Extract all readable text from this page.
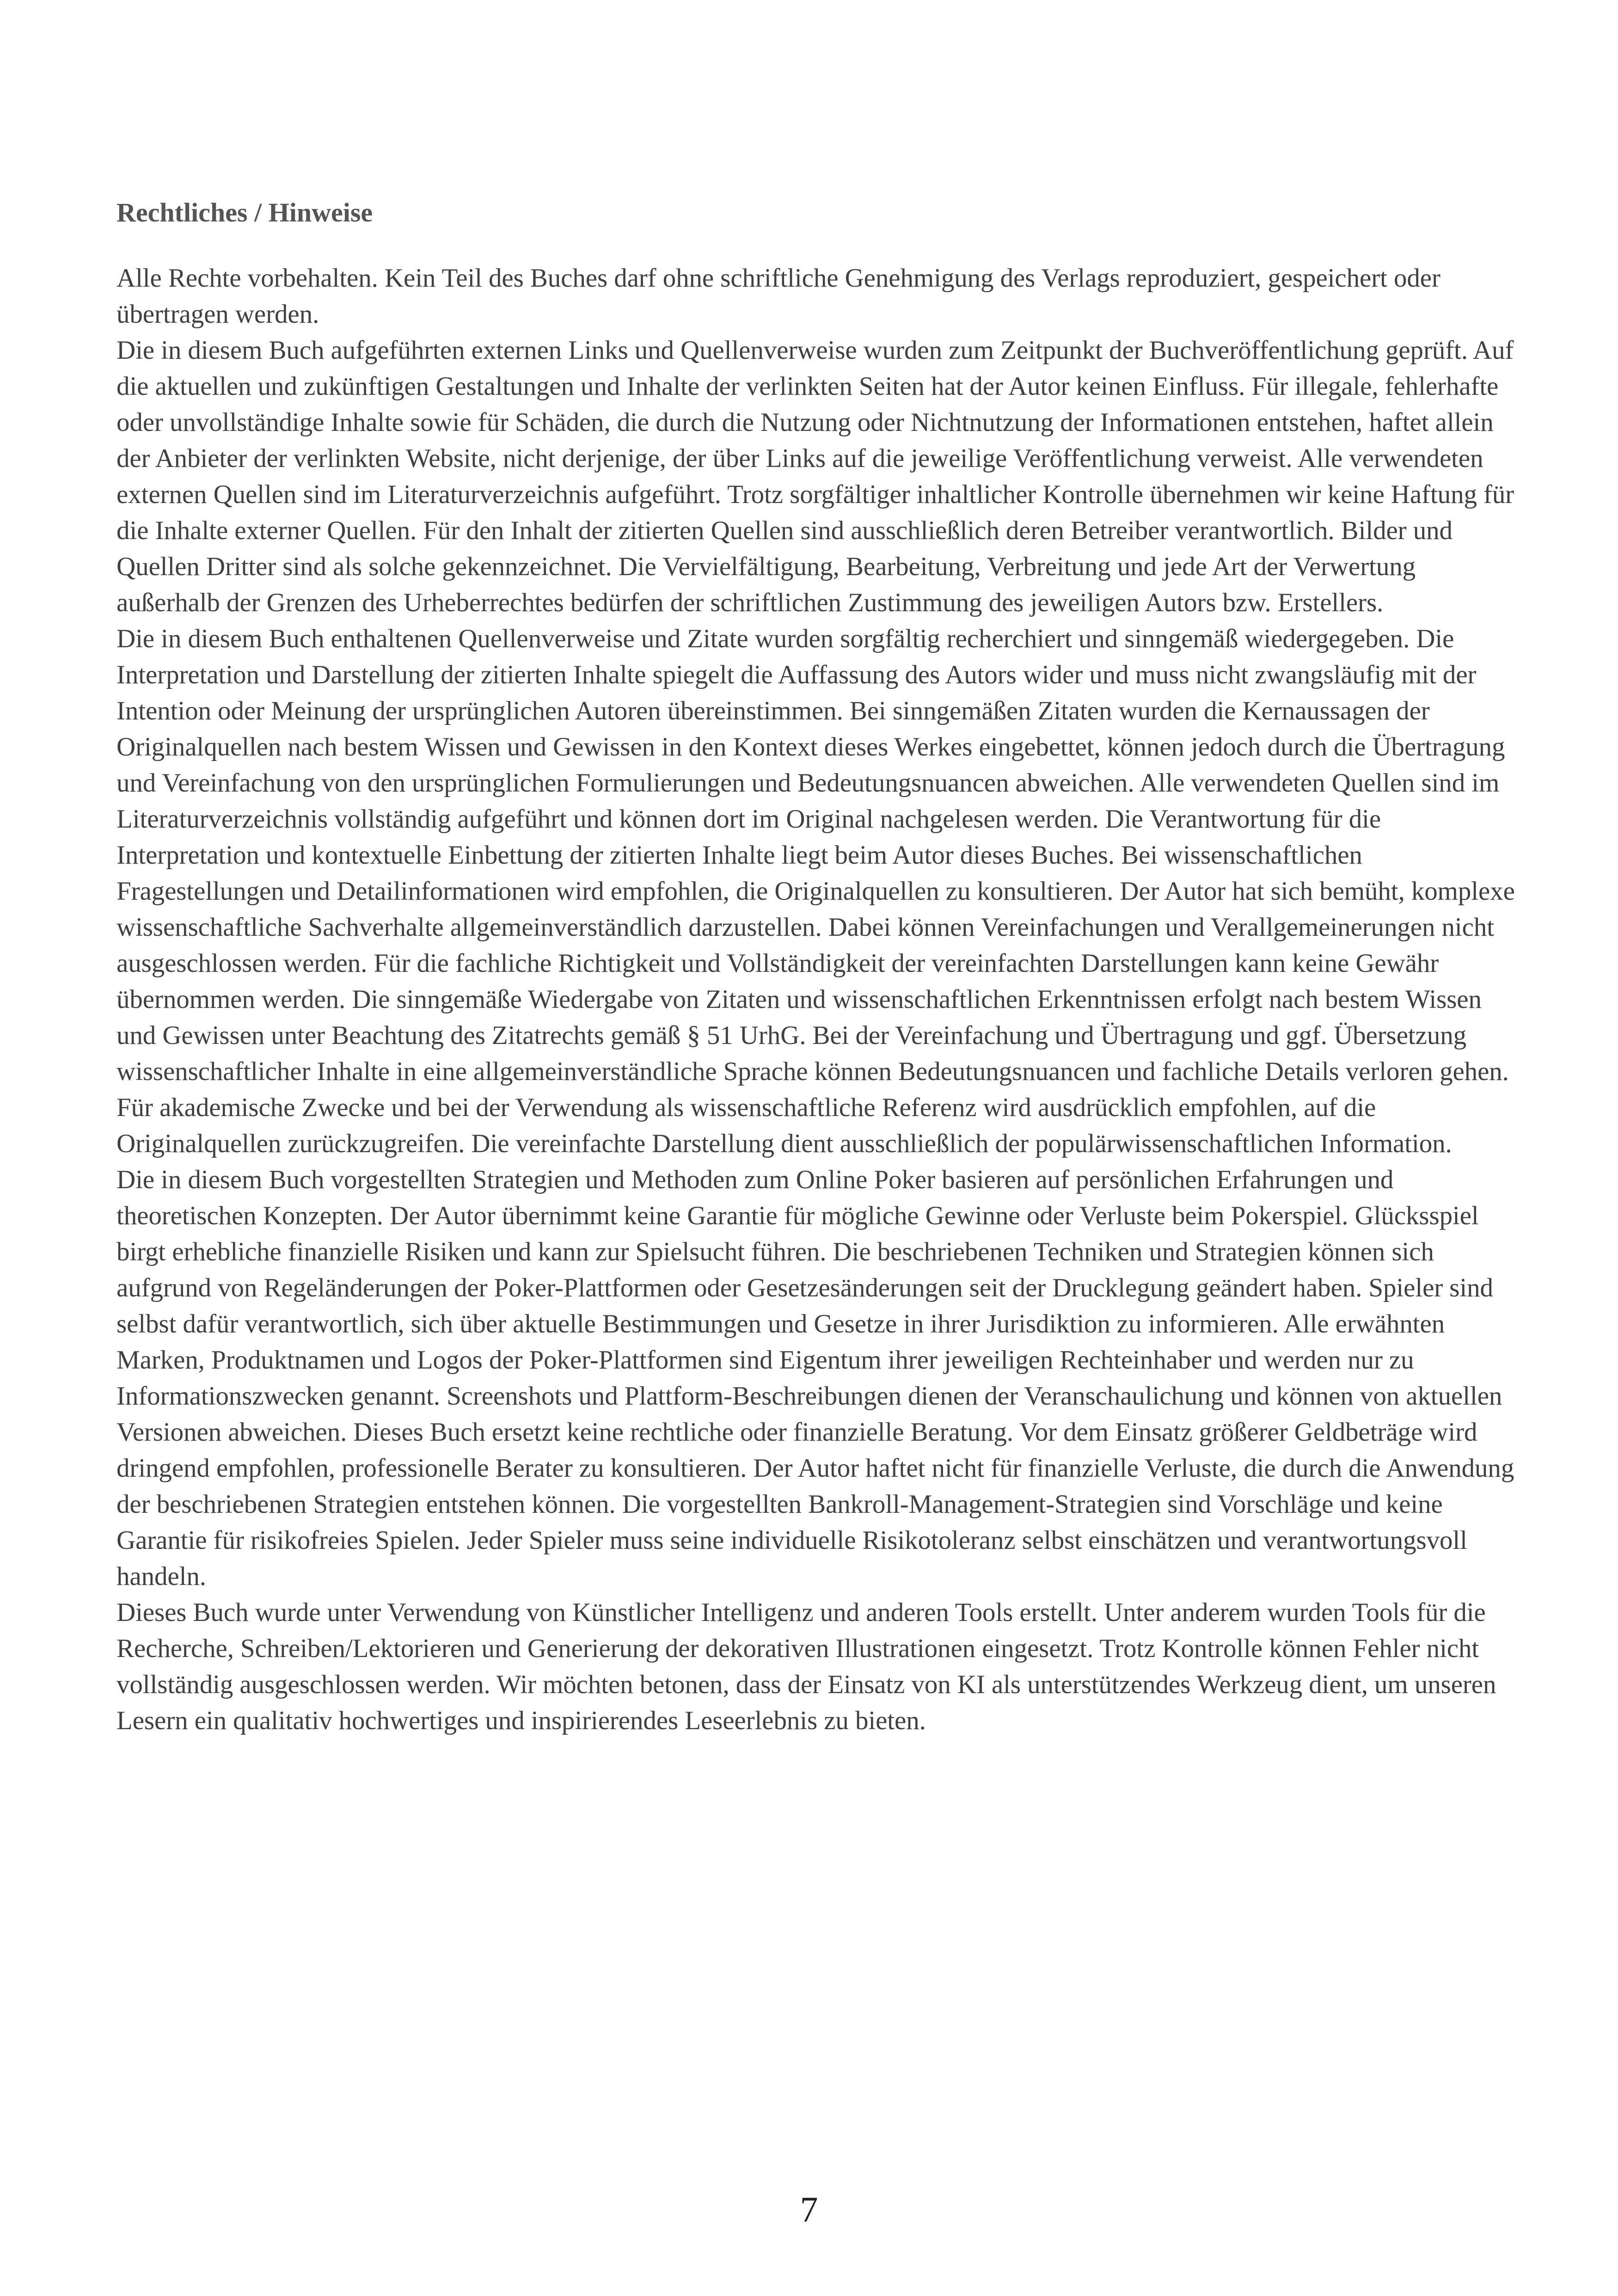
Rechtliches / Hinweise

Alle Rechte vorbehalten. Kein Teil des Buches darf ohne schriftliche Genehmigung des Verlags reproduziert, gespeichert oder übertragen werden.

Die in diesem Buch aufgeführten externen Links und Quellenverweise wurden zum Zeitpunkt der Buchveröffentlichung geprüft. Auf die aktuellen und zukünftigen Gestaltungen und Inhalte der verlinkten Seiten hat der Autor keinen Einfluss. Für illegale, fehlerhafte oder unvollständige Inhalte sowie für Schäden, die durch die Nutzung oder Nichtnutzung der Informationen entstehen, haftet allein der Anbieter der verlinkten Website, nicht derjenige, der über Links auf die jeweilige Veröffentlichung verweist. Alle verwendeten externen Quellen sind im Literaturverzeichnis aufgeführt. Trotz sorgfältiger inhaltlicher Kontrolle übernehmen wir keine Haftung für die Inhalte externer Quellen. Für den Inhalt der zitierten Quellen sind ausschließlich deren Betreiber verantwortlich. Bilder und Quellen Dritter sind als solche gekennzeichnet. Die Vervielfältigung, Bearbeitung, Verbreitung und jede Art der Verwertung außerhalb der Grenzen des Urheberrechtes bedürfen der schriftlichen Zustimmung des jeweiligen Autors bzw. Erstellers.

Die in diesem Buch enthaltenen Quellenverweise und Zitate wurden sorgfältig recherchiert und sinngemäß wiedergegeben. Die Interpretation und Darstellung der zitierten Inhalte spiegelt die Auffassung des Autors wider und muss nicht zwangsläufig mit der Intention oder Meinung der ursprünglichen Autoren übereinstimmen. Bei sinngemäßen Zitaten wurden die Kernaussagen der Originalquellen nach bestem Wissen und Gewissen in den Kontext dieses Werkes eingebettet, können jedoch durch die Übertragung und Vereinfachung von den ursprünglichen Formulierungen und Bedeutungsnuancen abweichen. Alle verwendeten Quellen sind im Literaturverzeichnis vollständig aufgeführt und können dort im Original nachgelesen werden. Die Verantwortung für die Interpretation und kontextuelle Einbettung der zitierten Inhalte liegt beim Autor dieses Buches. Bei wissenschaftlichen Fragestellungen und Detailinformationen wird empfohlen, die Originalquellen zu konsultieren. Der Autor hat sich bemüht, komplexe wissenschaftliche Sachverhalte allgemeinverständlich darzustellen. Dabei können Vereinfachungen und Verallgemeinerungen nicht ausgeschlossen werden. Für die fachliche Richtigkeit und Vollständigkeit der vereinfachten Darstellungen kann keine Gewähr übernommen werden. Die sinngemäße Wiedergabe von Zitaten und wissenschaftlichen Erkenntnissen erfolgt nach bestem Wissen und Gewissen unter Beachtung des Zitatrechts gemäß § 51 UrhG. Bei der Vereinfachung und Übertragung und ggf. Übersetzung wissenschaftlicher Inhalte in eine allgemeinverständliche Sprache können Bedeutungsnuancen und fachliche Details verloren gehen. Für akademische Zwecke und bei der Verwendung als wissenschaftliche Referenz wird ausdrücklich empfohlen, auf die Originalquellen zurückzugreifen. Die vereinfachte Darstellung dient ausschließlich der populärwissenschaftlichen Information.

Die in diesem Buch vorgestellten Strategien und Methoden zum Online Poker basieren auf persönlichen Erfahrungen und theoretischen Konzepten. Der Autor übernimmt keine Garantie für mögliche Gewinne oder Verluste beim Pokerspiel. Glücksspiel birgt erhebliche finanzielle Risiken und kann zur Spielsucht führen. Die beschriebenen Techniken und Strategien können sich aufgrund von Regeländerungen der Poker-Plattformen oder Gesetzesänderungen seit der Drucklegung geändert haben. Spieler sind selbst dafür verantwortlich, sich über aktuelle Bestimmungen und Gesetze in ihrer Jurisdiktion zu informieren. Alle erwähnten Marken, Produktnamen und Logos der Poker-Plattformen sind Eigentum ihrer jeweiligen Rechteinhaber und werden nur zu Informationszwecken genannt. Screenshots und Plattform-Beschreibungen dienen der Veranschaulichung und können von aktuellen Versionen abweichen. Dieses Buch ersetzt keine rechtliche oder finanzielle Beratung. Vor dem Einsatz größerer Geldbeträge wird dringend empfohlen, professionelle Berater zu konsultieren. Der Autor haftet nicht für finanzielle Verluste, die durch die Anwendung der beschriebenen Strategien entstehen können. Die vorgestellten Bankroll-Management-Strategien sind Vorschläge und keine Garantie für risikofreies Spielen. Jeder Spieler muss seine individuelle Risikotoleranz selbst einschätzen und verantwortungsvoll handeln.

Dieses Buch wurde unter Verwendung von Künstlicher Intelligenz und anderen Tools erstellt. Unter anderem wurden Tools für die Recherche, Schreiben/Lektorieren und Generierung der dekorativen Illustrationen eingesetzt. Trotz Kontrolle können Fehler nicht vollständig ausgeschlossen werden. Wir möchten betonen, dass der Einsatz von KI als unterstützendes Werkzeug dient, um unseren Lesern ein qualitativ hochwertiges und inspirierendes Leseerlebnis zu bieten.

7
